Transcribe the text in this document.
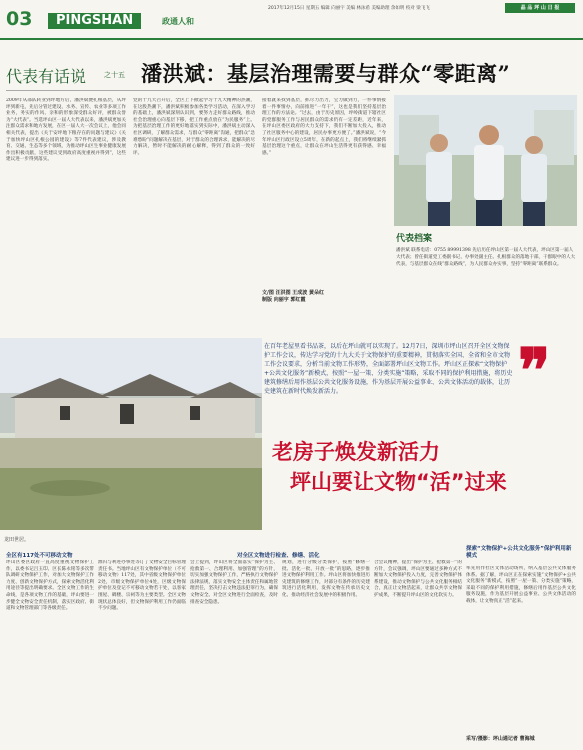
03	PINGSHAN	政通人和
2017年12月15日 星期五 编辑 向丽宇 美编 林泳希 美编助理 余如明 校对 梁飞飞	晶 品 坪 山 日 报
代表有话说	之十五 潘洪斌：基层治理需要与群众“零距离”
2009年从部队转业到坪地方后，潘洪斌便扎根基层，从坪坪到新屯，先后分管过建设、水务、宣传、农业等多项工作业务，务实的作风、亲和的形象深受群众好评，被群众誉为“大代表”。当选坪山区一届人大代表以来，潘洪斌更加关注群众需求和地方发展，在区一届人大一次会议上，他会同相关代表，提出《关于安坪地下粮存在的问题与建议》《关于加快坪山区扎根公园的建设》等7件代表建议，涉及教育、交通、生态等多个领域，为推动坪山区生事业健康发展作出积极贡献，这些建议受到政府高度重视并得到“，这些建议进一步得到落实。
党的十九大召开后，全区上下掀起学习十九大精神的热潮，在这股热潮下，潘洪斌积极参加各类学习活动，在深入学习的基础上，潘洪斌深刻认识到，要努力走好群众路线，推动社会治理重心向基层下移，把工作重点放在“为民服务”上。为把基层治理工作的更好地落实到实际中，潘洪斌主动深入社区调研，了解群众需求，与群众“零距离”沟通，把群众“急难愁盼”问题解决在基层，对于群众的合理诉求，能解决的尽力解决，暂时不能解决的耐心解释，得到了群众的一致好评。
接着就来找到基层，抓尽力出力，宝力做到力，一件事情接着一件事情办，向前推进“一年干”，这也是我们坚持基层治理工作的方法论。“过去，由于历史原因，坪岭街道下辖社区的党群服务工作与居民群众的需求仍有一定差距，近年来，在坪山区委区政府的大力支持下，我们不断加大投入，推动了社区服务中心的建设，居民办事更方便了。”潘洪斌说，“今年坪山区行政区设立5周年，在新的起点上，我们将继续紧抓基层治理这个重点，让群众在坪山生活得更有获得感、幸福感。”
文/图 汪洪图 王成波 黄朵红
制版 向丽宇 郭红霞
代表档案
潘洪斌 联系电话：0755 89991398 先后历任坪山区第一届人大代表，坪山区第一届人大代表；曾任街道党工委副书记、办事处副主任。扎根群众的落地干部，干群眼中的人大代表，与基层群众在线“群众路线”，为人民群众办实事，坚持“零距离”联系群众。
在百年老屋里看书品茶，以后在坪山就可以实现了。12月7日，深圳市坪山区召开全区文物保护工作会议，传达学习党的十九大关于文物保护的重要精神，贯彻落实全国、全省和全市文物工作会议要求，分析当前文物工作形势，全面部署坪山区文物工作。坪山区正探索“文物保护+公共文化服务”新模式，按照“一屋一策、分类实施”策略，采取不同的保护利用措施，将历史建筑修缮后用作基层公共文化服务设施，作为基层开展公益事业、公共文体活动的载体，让历史建筑在新时代焕发新活力。	❞
老房子焕发新活力
坪山要让文物“活”过来
龙田世居。
全区有117处不可移动文物	对全区文物进行检查、修缮、活化
探索“文物保护+公共文化服务”保护利用新模式
坪山区委区政府一直高度重视文物保护工作，以委书记吕玉印、区长陈永铭等多次带队调研文物保护工作，对加大文物保护工作力度、创新文物保护方式，探索文物活化利用途径等提出明确要求。全区文物工作的生命线，是各项文物工作的基础，坪山要进一步健全文物安全责任机制，落实区政府、街道和文物管理部门等各级责任。
源归与利进办事处等订了文物安全目标管理责任书。当地坪山区有文物保护单位（不可移动文物）117处，其中省级文物保护单位2处，市级文物保护单位4处，区级文物保护单位及登记不可移动文物若干处，以客家围屋、碉楼、宗祠等为主要类型。全区文物现状总体良好，但文物保护利用工作仍面临不少问题。
会上提到，坪山区将全面落实“保护为主、抢救第一、合理利用、加强管理”的方针，切实加强文物保护工作，严格执行文物保护法律法规，落实文物安全主体责任和属地管理责任，坚决打击文物违法犯罪行为，确保文物安全。对全区文物进行全面检查，及时排查安全隐患。
规划，进行分级分类保护，按照“修缮一批、活化一批、开放一批”的思路，逐步推进文物保护利用工作。坪山区将加快推进历史建筑的修缮工作，对部分有条件的历史建筑进行活化利用，发挥文物在传承历史文化、推动经济社会发展中的积极作用。
合会议精神，提出“保护为主、抢救第一”的方针，会议强调，坪山区要通过多种方式不断加大文物保护投入力度，完善文物保护体系建设，推动文物保护与公共文化服务相结合，真正让文物活起来，让群众共享文物保护成果，不断提升坪山区的文化软实力。
率先用作社区文体活动场所，纳入基层公共文体服务体系。据了解，坪山区正在探索实施“文物保护+公共文化服务”新模式，按照“一屋一策、分类实施”策略，采取不同的保护利用措施，修缮后用作基层公共文化服务设施，作为基层开展公益事业、公共文体活动的载体，让文物真正“活”起来。
采写/摄影：坪山通记者 曹海城
